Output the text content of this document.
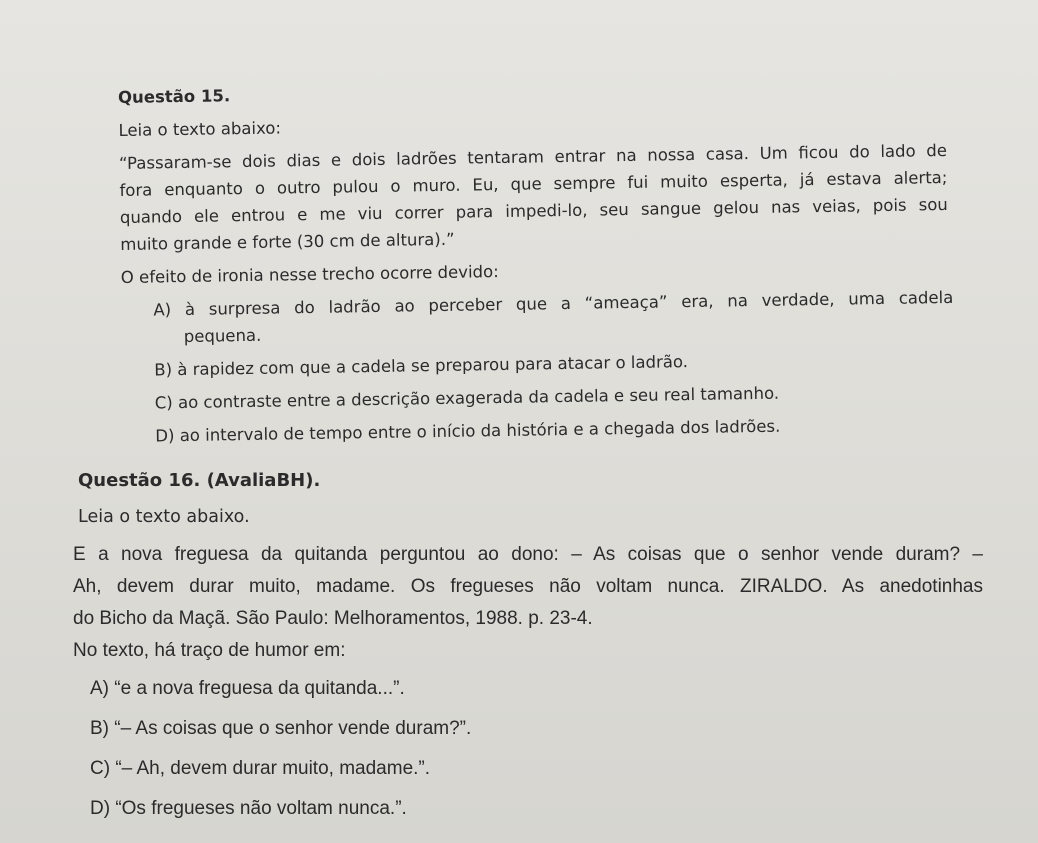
Questão 15.
Leia o texto abaixo:
“Passaram-se dois dias e dois ladrões tentaram entrar na nossa casa. Um ficou do lado de
fora enquanto o outro pulou o muro. Eu, que sempre fui muito esperta, já estava alerta;
quando ele entrou e me viu correr para impedi-lo, seu sangue gelou nas veias, pois sou
muito grande e forte (30 cm de altura).”
O efeito de ironia nesse trecho ocorre devido:
A) à surpresa do ladrão ao perceber que a “ameaça” era, na verdade, uma cadela
pequena.
B) à rapidez com que a cadela se preparou para atacar o ladrão.
C) ao contraste entre a descrição exagerada da cadela e seu real tamanho.
D) ao intervalo de tempo entre o início da história e a chegada dos ladrões.
Questão 16. (AvaliaBH).
Leia o texto abaixo.
E a nova freguesa da quitanda perguntou ao dono: – As coisas que o senhor vende duram? –
Ah, devem durar muito, madame. Os fregueses não voltam nunca. ZIRALDO. As anedotinhas
do Bicho da Maçã. São Paulo: Melhoramentos, 1988. p. 23-4.
No texto, há traço de humor em:
A) “e a nova freguesa da quitanda...”.
B) “– As coisas que o senhor vende duram?”.
C) “– Ah, devem durar muito, madame.”.
D) “Os fregueses não voltam nunca.”.
